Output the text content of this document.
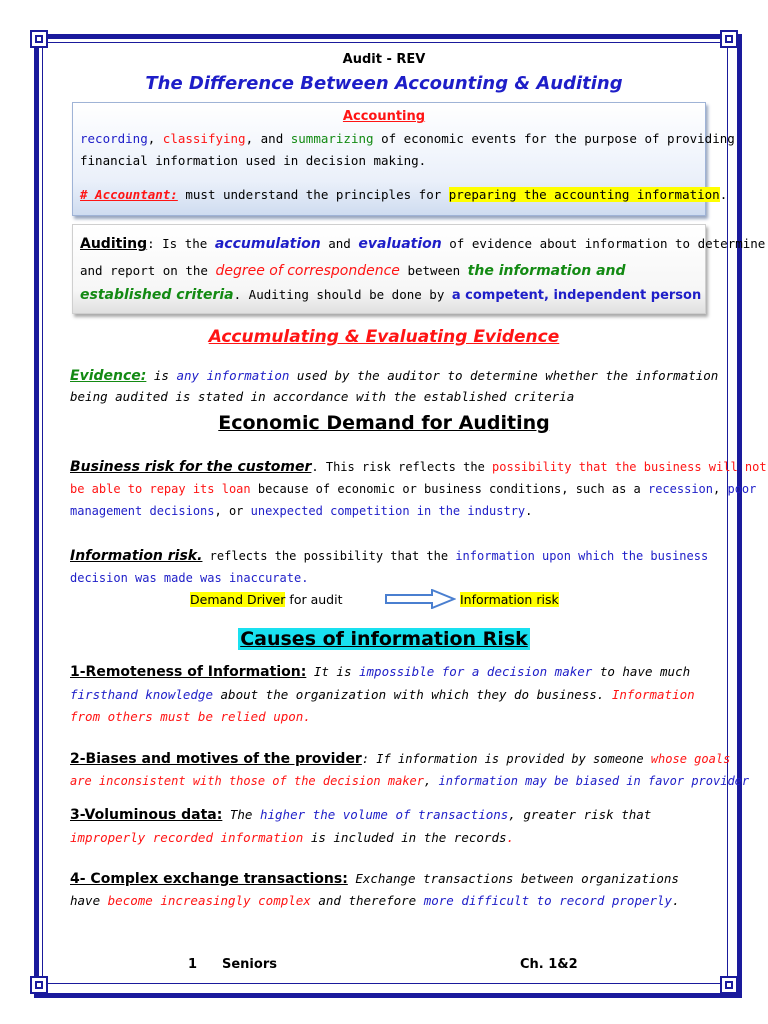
Audit - REV
The Difference Between Accounting & Auditing
Accounting
recording, classifying, and summarizing of economic events for the purpose of providing
financial information used in decision making.
# Accountant: must understand the principles for preparing the accounting information.
Auditing: Is the accumulation and evaluation of evidence about information to determine
and report on the degree of correspondence between the information and
established criteria. Auditing should be done by a competent, independent person
Accumulating & Evaluating Evidence
Evidence: is any information used by the auditor to determine whether the information
being audited is stated in accordance with the established criteria
Economic Demand for Auditing
Business risk for the customer. This risk reflects the possibility that the business will not
be able to repay its loan because of economic or business conditions, such as a recession, poor
management decisions, or unexpected competition in the industry.
Information risk. reflects the possibility that the information upon which the business
decision was made was inaccurate.
Demand Driver for audit	Information risk
Causes of information Risk
1-Remoteness of Information: It is impossible for a decision maker to have much
firsthand knowledge about the organization with which they do business. Information
from others must be relied upon.
2-Biases and motives of the provider: If information is provided by someone whose goals
are inconsistent with those of the decision maker, information may be biased in favor provider
3-Voluminous data: The higher the volume of transactions, greater risk that
improperly recorded information is included in the records.
4- Complex exchange transactions: Exchange transactions between organizations
have become increasingly complex and therefore more difficult to record properly.
1 Seniors	Ch. 1&2
